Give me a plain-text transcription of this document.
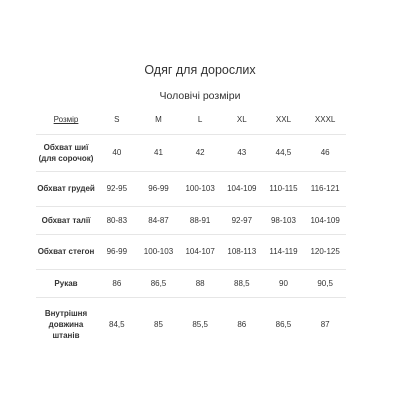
Одяг для дорослих
Чоловічі розміри
Розмір	S	M	L	XL	XXL	XXXL
Обхват шиї (для сорочок)	40	41	42	43	44,5	46
Обхват грудей	92-95	96-99	100-103	104-109	110-115	116-121
Обхват талії	80-83	84-87	88-91	92-97	98-103	104-109
Обхват стегон	96-99	100-103	104-107	108-113	114-119	120-125
Рукав	86	86,5	88	88,5	90	90,5
Внутрішня довжина штанів	84,5	85	85,5	86	86,5	87
